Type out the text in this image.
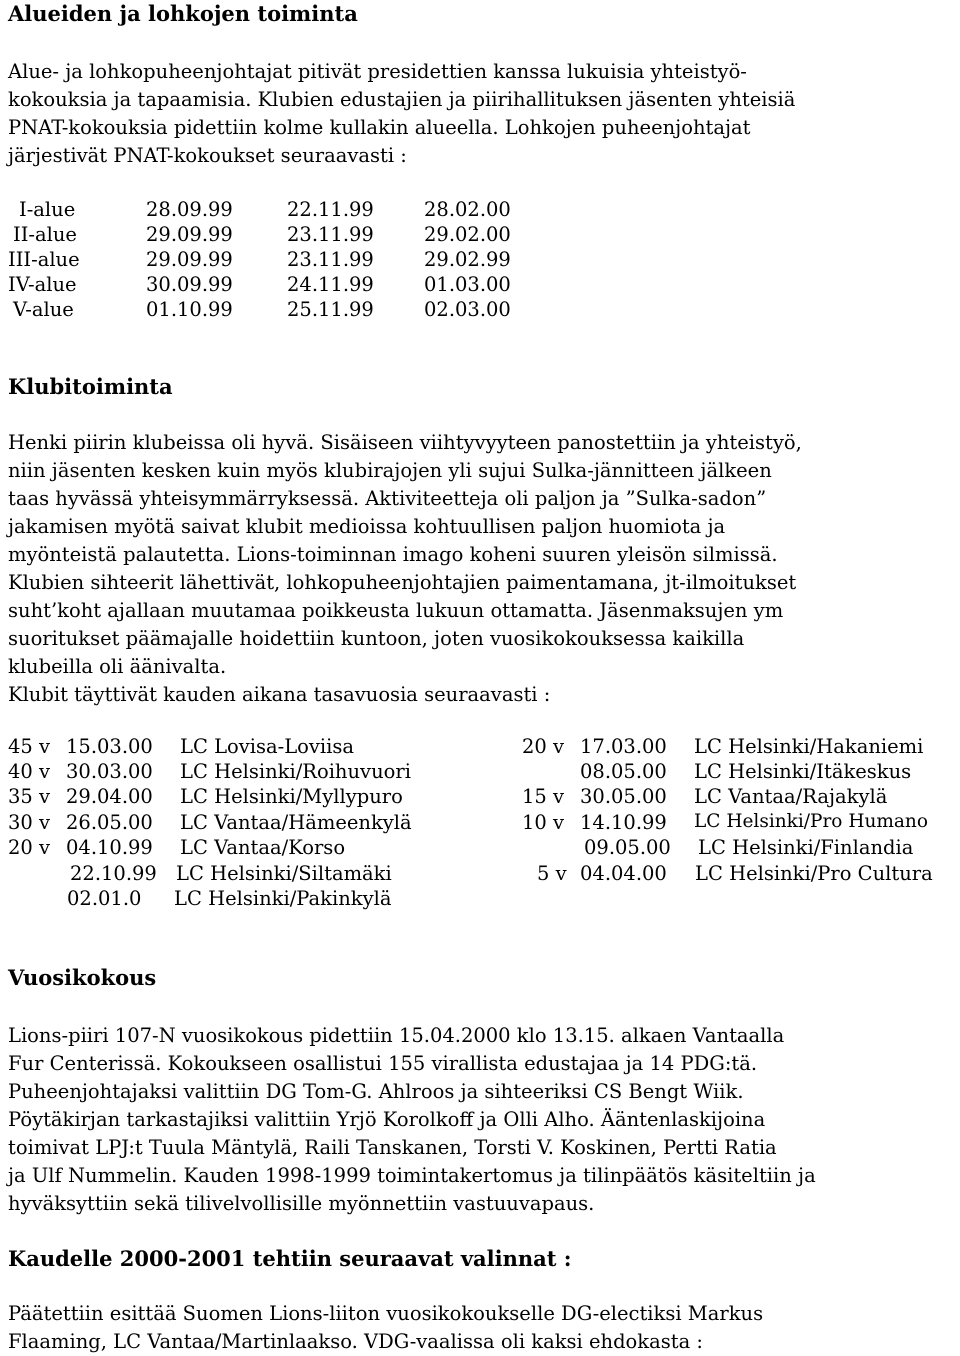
Alueiden ja lohkojen toiminta
Alue- ja lohkopuheenjohtajat pitivät presidettien kanssa lukuisia yhteistyö-
kokouksia ja tapaamisia. Klubien edustajien ja piirihallituksen jäsenten yhteisiä
PNAT-kokouksia pidettiin kolme kullakin alueella. Lohkojen puheenjohtajat
järjestivät PNAT-kokoukset seuraavasti :
I-alue	28.09.99	22.11.99	28.02.00
II-alue	29.09.99	23.11.99	29.02.00
III-alue	29.09.99	23.11.99	29.02.99
IV-alue	30.09.99	24.11.99	01.03.00
V-alue	01.10.99	25.11.99	02.03.00
Klubitoiminta
Henki piirin klubeissa oli hyvä. Sisäiseen viihtyvyyteen panostettiin ja yhteistyö,
niin jäsenten kesken kuin myös klubirajojen yli sujui Sulka-jännitteen jälkeen
taas hyvässä yhteisymmärryksessä. Aktiviteetteja oli paljon ja ”Sulka-sadon”
jakamisen myötä saivat klubit medioissa kohtuullisen paljon huomiota ja
myönteistä palautetta. Lions-toiminnan imago koheni suuren yleisön silmissä.
Klubien sihteerit lähettivät, lohkopuheenjohtajien paimentamana, jt-ilmoitukset
suht’koht ajallaan muutamaa poikkeusta lukuun ottamatta. Jäsenmaksujen ym
suoritukset päämajalle hoidettiin kuntoon, joten vuosikokouksessa kaikilla
klubeilla oli äänivalta.
Klubit täyttivät kauden aikana tasavuosia seuraavasti :
45 v 15.03.00 LC Lovisa-Loviisa
40 v 30.03.00 LC Helsinki/Roihuvuori
35 v 29.04.00 LC Helsinki/Myllypuro
30 v 26.05.00 LC Vantaa/Hämeenkylä
20 v 04.10.99 LC Vantaa/Korso
22.10.99 LC Helsinki/Siltamäki
02.01.0 LC Helsinki/Pakinkylä
20 v 17.03.00 LC Helsinki/Hakaniemi
08.05.00 LC Helsinki/Itäkeskus
15 v 30.05.00 LC Vantaa/Rajakylä
10 v 14.10.99 LC Helsinki/Pro Humano
09.05.00 LC Helsinki/Finlandia
5 v 04.04.00 LC Helsinki/Pro Cultura
Vuosikokous
Lions-piiri 107-N vuosikokous pidettiin 15.04.2000 klo 13.15. alkaen Vantaalla
Fur Centerissä. Kokoukseen osallistui 155 virallista edustajaa ja 14 PDG:tä.
Puheenjohtajaksi valittiin DG Tom-G. Ahlroos ja sihteeriksi CS Bengt Wiik.
Pöytäkirjan tarkastajiksi valittiin Yrjö Korolkoff ja Olli Alho. Ääntenlaskijoina
toimivat LPJ:t Tuula Mäntylä, Raili Tanskanen, Torsti V. Koskinen, Pertti Ratia
ja Ulf Nummelin. Kauden 1998-1999 toimintakertomus ja tilinpäätös käsiteltiin ja
hyväksyttiin sekä tilivelvollisille myönnettiin vastuuvapaus.
Kaudelle 2000-2001 tehtiin seuraavat valinnat :
Päätettiin esittää Suomen Lions-liiton vuosikokoukselle DG-electiksi Markus
Flaaming, LC Vantaa/Martinlaakso. VDG-vaalissa oli kaksi ehdokasta :
